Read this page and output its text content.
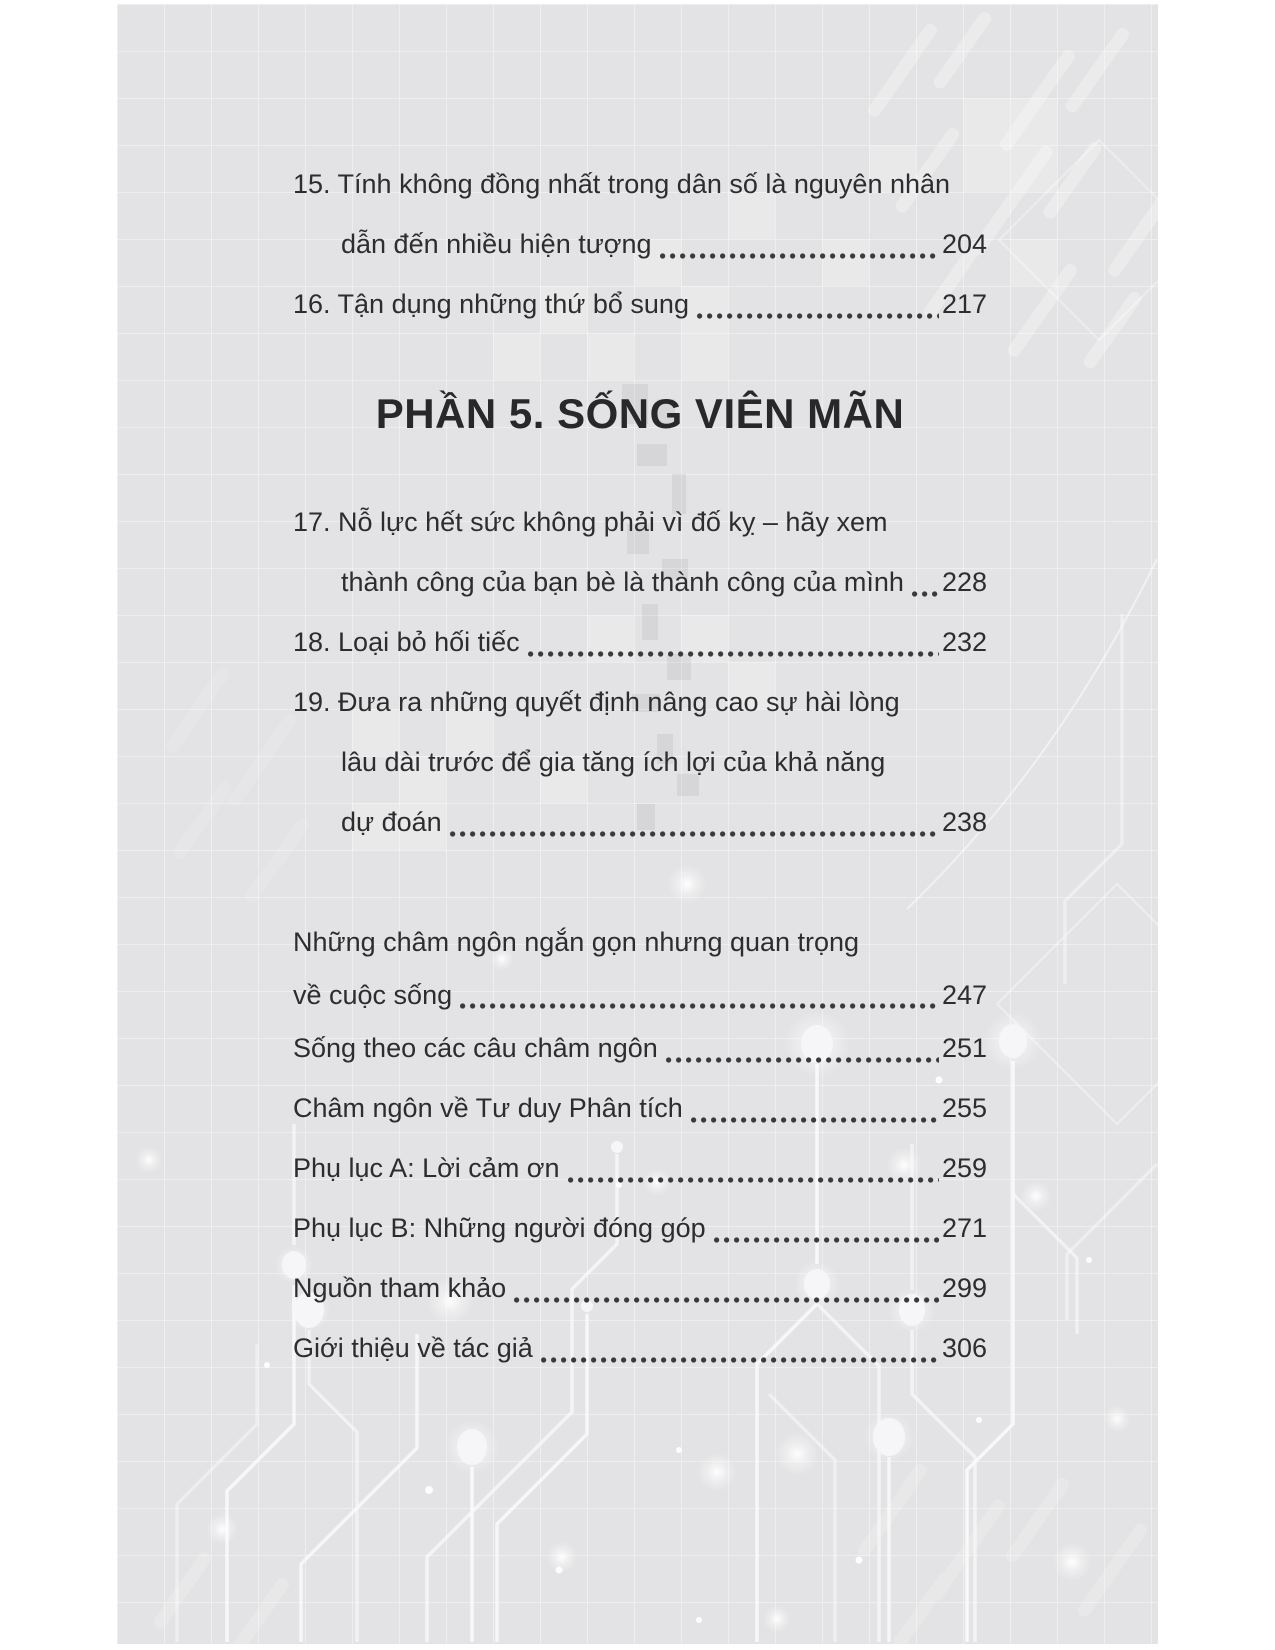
15. Tính không đồng nhất trong dân số là nguyên nhân
dẫn đến nhiều hiện tượng	204
16. Tận dụng những thứ bổ sung	217
PHẦN 5. SỐNG VIÊN MÃN
17. Nỗ lực hết sức không phải vì đố kỵ – hãy xem
thành công của bạn bè là thành công của mình 228
18. Loại bỏ hối tiếc	232
19. Đưa ra những quyết định nâng cao sự hài lòng
lâu dài trước để gia tăng ích lợi của khả năng
dự đoán	238
Những châm ngôn ngắn gọn nhưng quan trọng
về cuộc sống	247
Sống theo các câu châm ngôn	251
Châm ngôn về Tư duy Phân tích	255
Phụ lục A: Lời cảm ơn	259
Phụ lục B: Những người đóng góp	271
Nguồn tham khảo	299
Giới thiệu về tác giả	306
